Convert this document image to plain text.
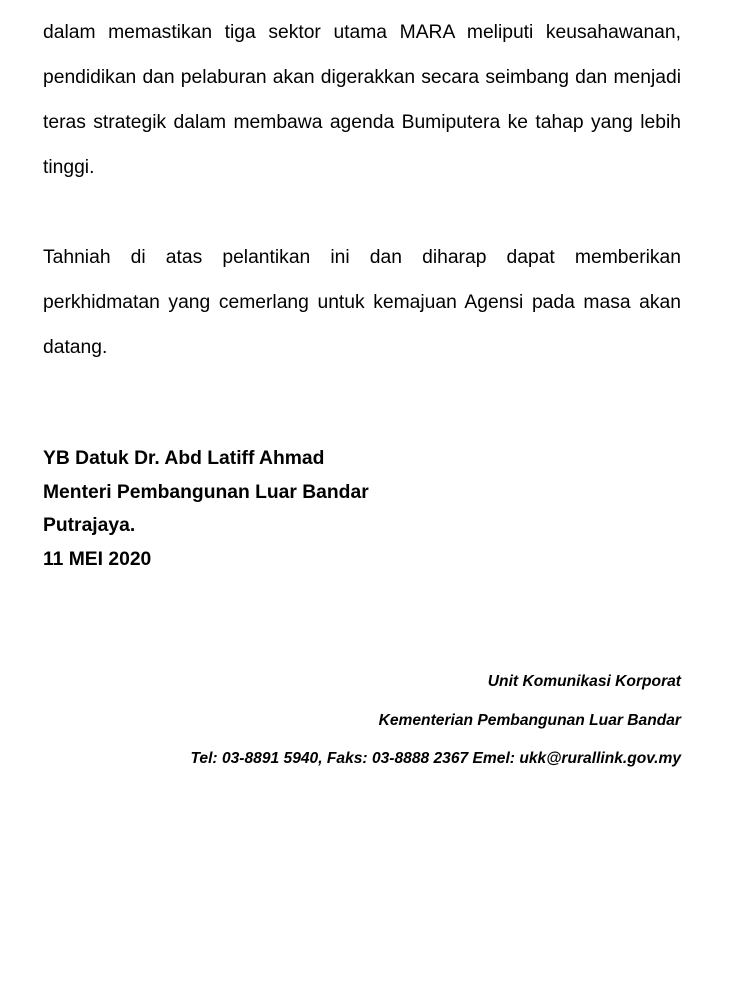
dalam memastikan tiga sektor utama MARA meliputi keusahawanan,
pendidikan dan pelaburan akan digerakkan secara seimbang dan menjadi
teras strategik dalam membawa agenda Bumiputera ke tahap yang lebih
tinggi.
Tahniah di atas pelantikan ini dan diharap dapat memberikan
perkhidmatan yang cemerlang untuk kemajuan Agensi pada masa akan
datang.
YB Datuk Dr. Abd Latiff Ahmad
Menteri Pembangunan Luar Bandar
Putrajaya.
11 MEI 2020
Unit Komunikasi Korporat
Kementerian Pembangunan Luar Bandar
Tel: 03-8891 5940, Faks: 03-8888 2367 Emel: ukk@rurallink.gov.my
